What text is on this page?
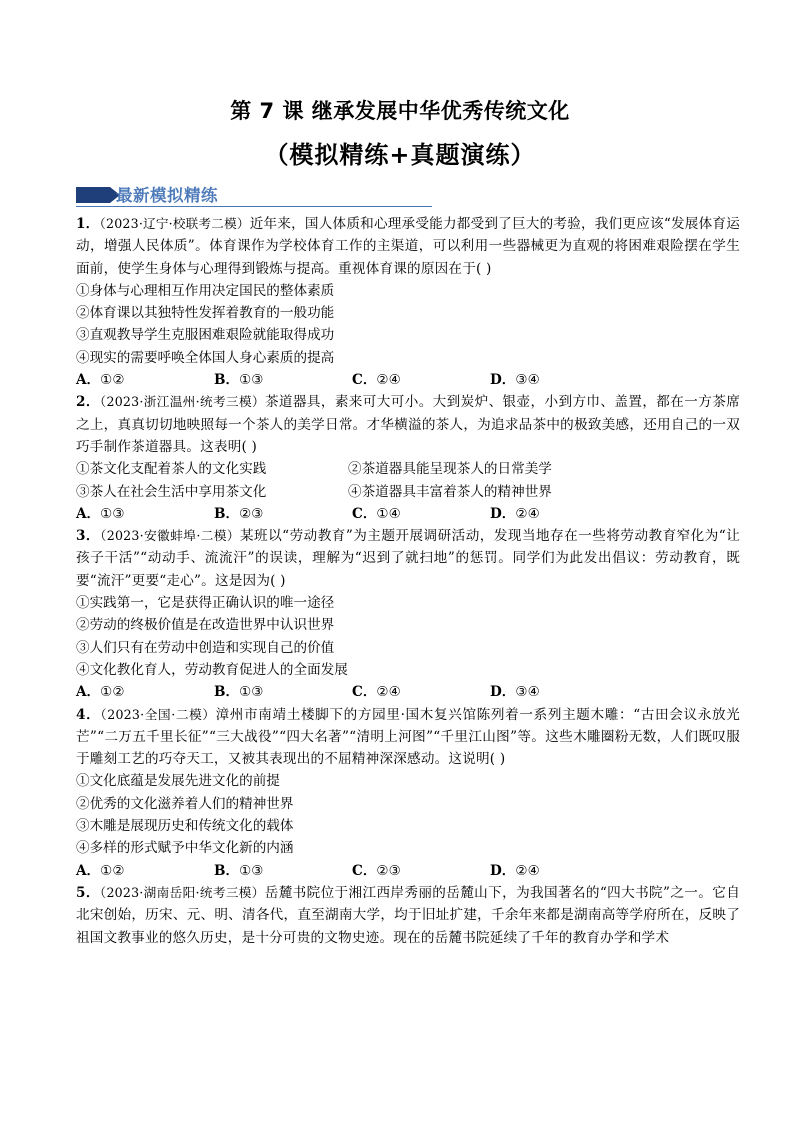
第 7 课 继承发展中华优秀传统文化
（模拟精练+真题演练）
最新模拟精练
1．（2023·辽宁·校联考二模）近年来，国人体质和心理承受能力都受到了巨大的考验，我们更应该“发展体育运动，增强人民体质”。体育课作为学校体育工作的主渠道，可以利用一些器械更为直观的将困难艰险摆在学生面前，使学生身体与心理得到锻炼与提高。重视体育课的原因在于( )
①身体与心理相互作用决定国民的整体素质
②体育课以其独特性发挥着教育的一般功能
③直观教导学生克服困难艰险就能取得成功
④现实的需要呼唤全体国人身心素质的提高
A．①②	B．①③	C．②④	D．③④
2．（2023·浙江温州·统考三模）茶道器具，素来可大可小。大到炭炉、银壶，小到方巾、盖置，都在一方茶席之上，真真切切地映照每一个茶人的美学日常。才华横溢的茶人，为追求品茶中的极致美感，还用自己的一双巧手制作茶道器具。这表明( )
①茶文化支配着茶人的文化实践	②茶道器具能呈现茶人的日常美学
③茶人在社会生活中享用茶文化	④茶道器具丰富着茶人的精神世界
A．①③	B．②③	C．①④	D．②④
3．（2023·安徽蚌埠·二模）某班以“劳动教育”为主题开展调研活动，发现当地存在一些将劳动教育窄化为“让孩子干活”“动动手、流流汗”的误读，理解为“迟到了就扫地”的惩罚。同学们为此发出倡议：劳动教育，既要“流汗”更要“走心”。这是因为( )
①实践第一，它是获得正确认识的唯一途径
②劳动的终极价值是在改造世界中认识世界
③人们只有在劳动中创造和实现自己的价值
④文化教化育人，劳动教育促进人的全面发展
A．①②	B．①③	C．②④	D．③④
4．（2023·全国·二模）漳州市南靖土楼脚下的方园里·国木复兴馆陈列着一系列主题木雕：“古田会议永放光芒”“二万五千里长征”“三大战役”“四大名著”“清明上河图”“千里江山图”等。这些木雕圈粉无数，人们既叹服于雕刻工艺的巧夺天工，又被其表现出的不屈精神深深感动。这说明( )
①文化底蕴是发展先进文化的前提
②优秀的文化滋养着人们的精神世界
③木雕是展现历史和传统文化的载体
④多样的形式赋予中华文化新的内涵
A．①②	B．①③	C．②③	D．②④
5．（2023·湖南岳阳·统考三模）岳麓书院位于湘江西岸秀丽的岳麓山下，为我国著名的“四大书院”之一。它自北宋创始，历宋、元、明、清各代，直至湖南大学，均于旧址扩建，千余年来都是湖南高等学府所在，反映了祖国文教事业的悠久历史，是十分可贵的文物史迹。现在的岳麓书院延续了千年的教育办学和学术
